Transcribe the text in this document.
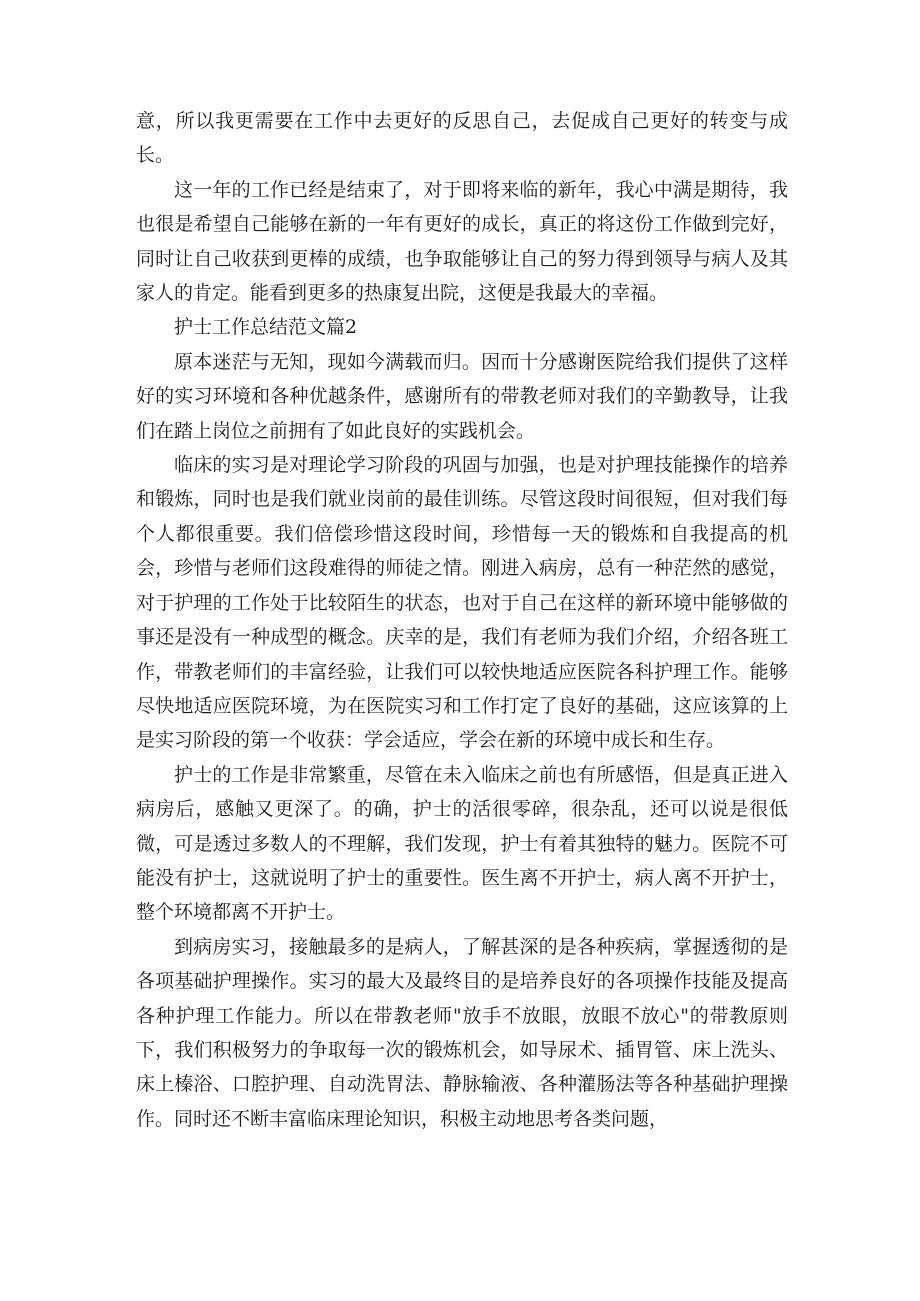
意，所以我更需要在工作中去更好的反思自己，去促成自己更好的转变与成长。

这一年的工作已经是结束了，对于即将来临的新年，我心中满是期待，我也很是希望自己能够在新的一年有更好的成长，真正的将这份工作做到完好，同时让自己收获到更棒的成绩，也争取能够让自己的努力得到领导与病人及其家人的肯定。能看到更多的热康复出院，这便是我最大的幸福。

护士工作总结范文篇2

原本迷茫与无知，现如今满载而归。因而十分感谢医院给我们提供了这样好的实习环境和各种优越条件，感谢所有的带教老师对我们的辛勤教导，让我们在踏上岗位之前拥有了如此良好的实践机会。

临床的实习是对理论学习阶段的巩固与加强，也是对护理技能操作的培养和锻炼，同时也是我们就业岗前的最佳训练。尽管这段时间很短，但对我们每个人都很重要。我们倍偿珍惜这段时间，珍惜每一天的锻炼和自我提高的机会，珍惜与老师们这段难得的师徒之情。刚进入病房，总有一种茫然的感觉，对于护理的工作处于比较陌生的状态，也对于自己在这样的新环境中能够做的事还是没有一种成型的概念。庆幸的是，我们有老师为我们介绍，介绍各班工作，带教老师们的丰富经验，让我们可以较快地适应医院各科护理工作。能够尽快地适应医院环境，为在医院实习和工作打定了良好的基础，这应该算的上是实习阶段的第一个收获：学会适应，学会在新的环境中成长和生存。

护士的工作是非常繁重，尽管在未入临床之前也有所感悟，但是真正进入病房后，感触又更深了。的确，护士的活很零碎，很杂乱，还可以说是很低微，可是透过多数人的不理解，我们发现，护士有着其独特的魅力。医院不可能没有护士，这就说明了护士的重要性。医生离不开护士，病人离不开护士，整个环境都离不开护士。

到病房实习，接触最多的是病人，了解甚深的是各种疾病，掌握透彻的是各项基础护理操作。实习的最大及最终目的是培养良好的各项操作技能及提高各种护理工作能力。所以在带教老师"放手不放眼，放眼不放心"的带教原则下，我们积极努力的争取每一次的锻炼机会，如导尿术、插胃管、床上洗头、床上榛浴、口腔护理、自动洗胃法、静脉输液、各种灌肠法等各种基础护理操作。同时还不断丰富临床理论知识，积极主动地思考各类问题，
